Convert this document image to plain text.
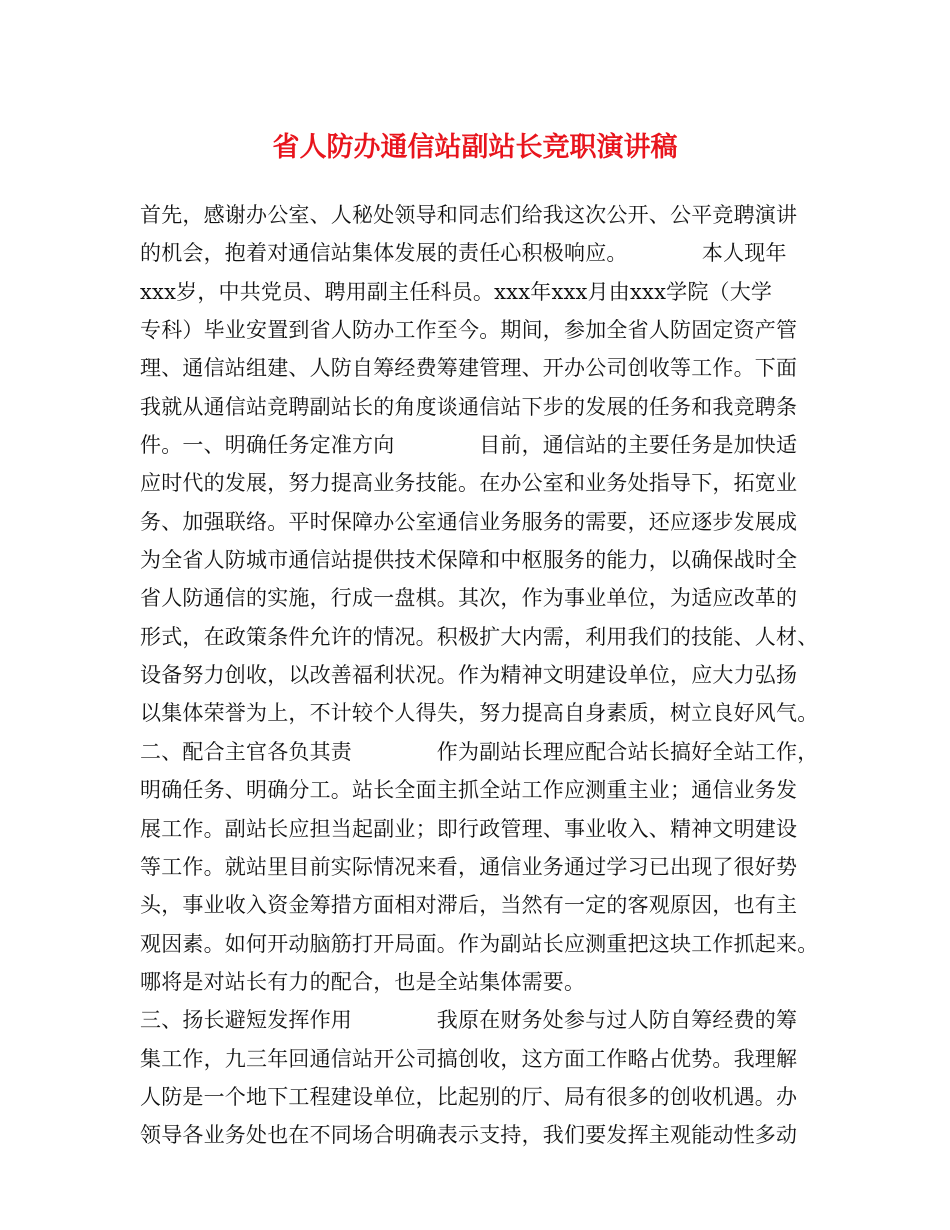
省人防办通信站副站长竞职演讲稿
首先，感谢办公室、人秘处领导和同志们给我这次公开、公平竞聘演讲
的机会，抱着对通信站集体发展的责任心积极响应。　　　　本人现年
xxx岁，中共党员、聘用副主任科员。xxx年xxx月由xxx学院（大学
专科）毕业安置到省人防办工作至今。期间，参加全省人防固定资产管
理、通信站组建、人防自筹经费筹建管理、开办公司创收等工作。下面
我就从通信站竞聘副站长的角度谈通信站下步的发展的任务和我竞聘条
件。一、明确任务定准方向　　　　目前，通信站的主要任务是加快适
应时代的发展，努力提高业务技能。在办公室和业务处指导下，拓宽业
务、加强联络。平时保障办公室通信业务服务的需要，还应逐步发展成
为全省人防城市通信站提供技术保障和中枢服务的能力，以确保战时全
省人防通信的实施，行成一盘棋。其次，作为事业单位，为适应改革的
形式，在政策条件允许的情况。积极扩大内需，利用我们的技能、人材、
设备努力创收，以改善福利状况。作为精神文明建设单位，应大力弘扬
以集体荣誉为上，不计较个人得失，努力提高自身素质，树立良好风气。
二、配合主官各负其责　　　　作为副站长理应配合站长搞好全站工作，
明确任务、明确分工。站长全面主抓全站工作应测重主业；通信业务发
展工作。副站长应担当起副业；即行政管理、事业收入、精神文明建设
等工作。就站里目前实际情况来看，通信业务通过学习已出现了很好势
头，事业收入资金筹措方面相对滞后，当然有一定的客观原因，也有主
观因素。如何开动脑筋打开局面。作为副站长应测重把这块工作抓起来。
哪将是对站长有力的配合，也是全站集体需要。
三、扬长避短发挥作用　　　　我原在财务处参与过人防自筹经费的筹
集工作，九三年回通信站开公司搞创收，这方面工作略占优势。我理解
人防是一个地下工程建设单位，比起别的厅、局有很多的创收机遇。办
领导各业务处也在不同场合明确表示支持，我们要发挥主观能动性多动
